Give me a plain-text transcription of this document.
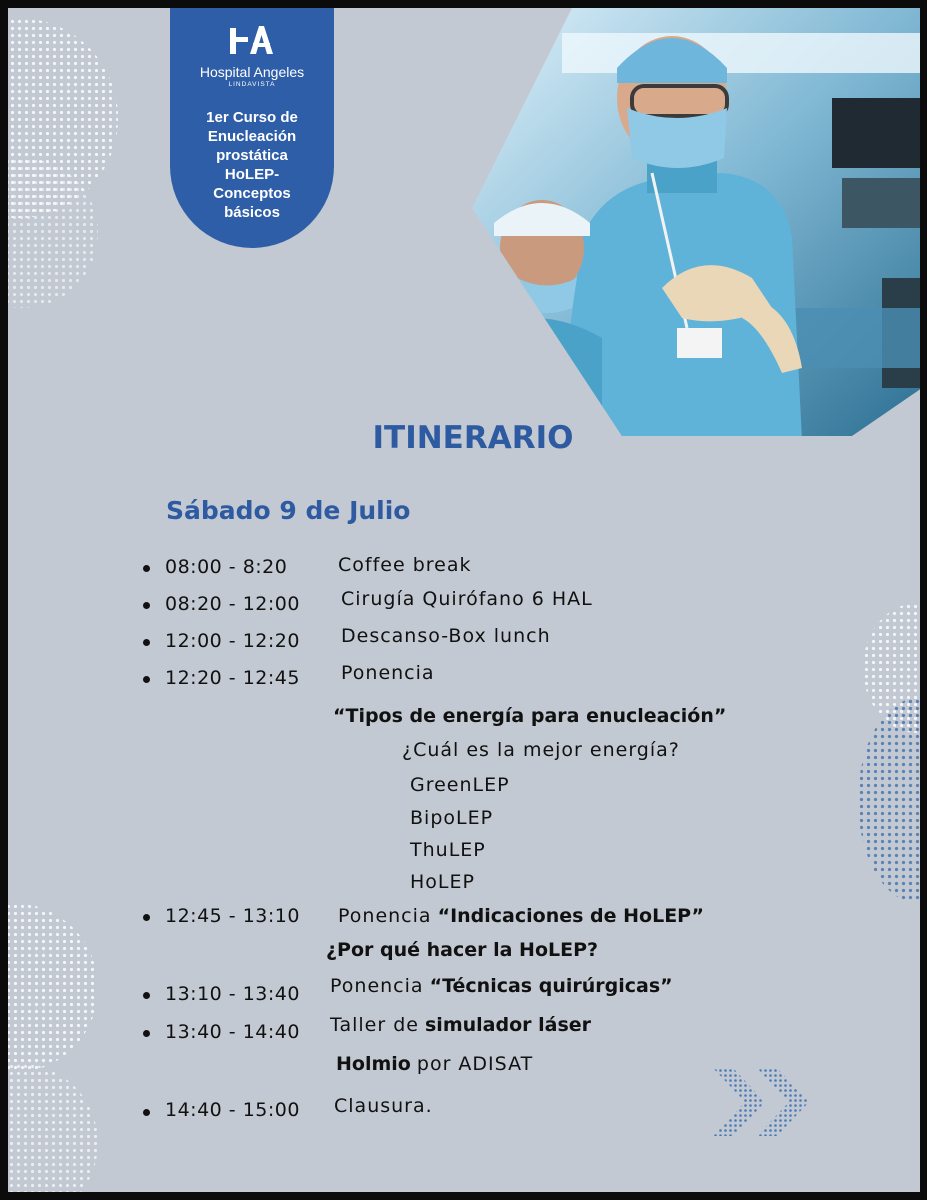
Hospital Angeles
LINDAVISTA
1er Curso de
Enucleación
prostática
HoLEP-
Conceptos
básicos
ITINERARIO
Sábado 9 de Julio
08:00 - 8:20	Coffee break
08:20 - 12:00 Cirugía Quirófano 6 HAL
12:00 - 12:20 Descanso-Box lunch
12:20 - 12:45 Ponencia
“Tipos de energía para enucleación”
¿Cuál es la mejor energía?
GreenLEP
BipoLEP
ThuLEP
HoLEP
12:45 - 13:10 Ponencia “Indicaciones de HoLEP”
¿Por qué hacer la HoLEP?
13:10 - 13:40 Ponencia “Técnicas quirúrgicas”
13:40 - 14:40 Taller de simulador láser
Holmio por ADISAT
14:40 - 15:00 Clausura.
